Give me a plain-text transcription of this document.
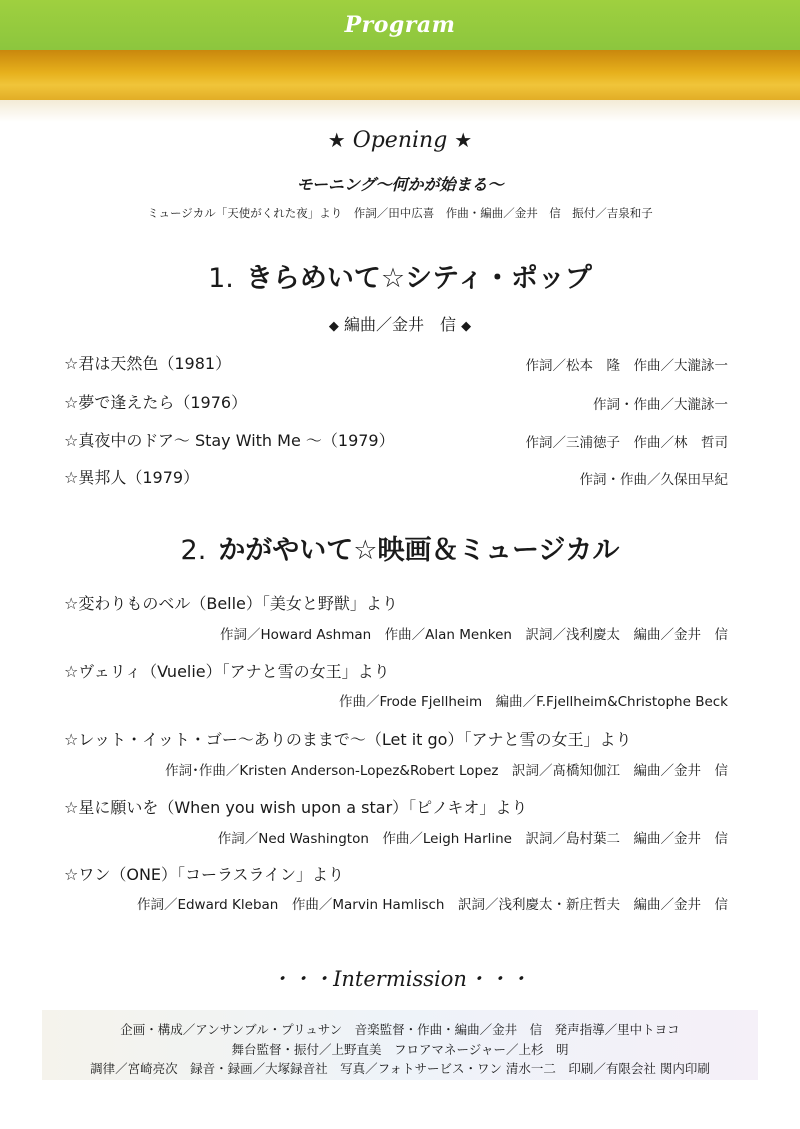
Program
★ Opening ★
モーニング〜何かが始まる〜
ミュージカル「天使がくれた夜」より　作詞／田中広喜　作曲・編曲／金井　信　振付／吉泉和子
1. きらめいて☆シティ・ポップ
◆ 編曲／金井　信 ◆
☆君は天然色（1981）	作詞／松本　隆　作曲／大瀧詠一
☆夢で逢えたら（1976）	作詞・作曲／大瀧詠一
☆真夜中のドア〜 Stay With Me 〜（1979）	作詞／三浦徳子　作曲／林　哲司
☆異邦人（1979）	作詞・作曲／久保田早紀
2. かがやいて☆映画＆ミュージカル
☆変わりものベル（Belle）「美女と野獣」より
作詞／Howard Ashman　作曲／Alan Menken　訳詞／浅利慶太　編曲／金井　信
☆ヴェリィ（Vuelie）「アナと雪の女王」より
作曲／Frode Fjellheim　編曲／F.Fjellheim&Christophe Beck
☆レット・イット・ゴー〜ありのままで〜（Let it go）「アナと雪の女王」より
作詞･作曲／Kristen Anderson-Lopez&Robert Lopez　訳詞／髙橋知伽江　編曲／金井　信
☆星に願いを（When you wish upon a star）「ピノキオ」より
作詞／Ned Washington　作曲／Leigh Harline　訳詞／島村葉二　編曲／金井　信
☆ワン（ONE）「コーラスライン」より
作詞／Edward Kleban　作曲／Marvin Hamlisch　訳詞／浅利慶太・新庄哲夫　編曲／金井　信
・・・Intermission・・・
企画・構成／アンサンブル・プリュサン　音楽監督・作曲・編曲／金井　信　発声指導／里中トヨコ
舞台監督・振付／上野直美　フロアマネージャー／上杉　明
調律／宮崎亮次　録音・録画／大塚録音社　写真／フォトサービス・ワン 清水一二　印刷／有限会社 関内印刷
